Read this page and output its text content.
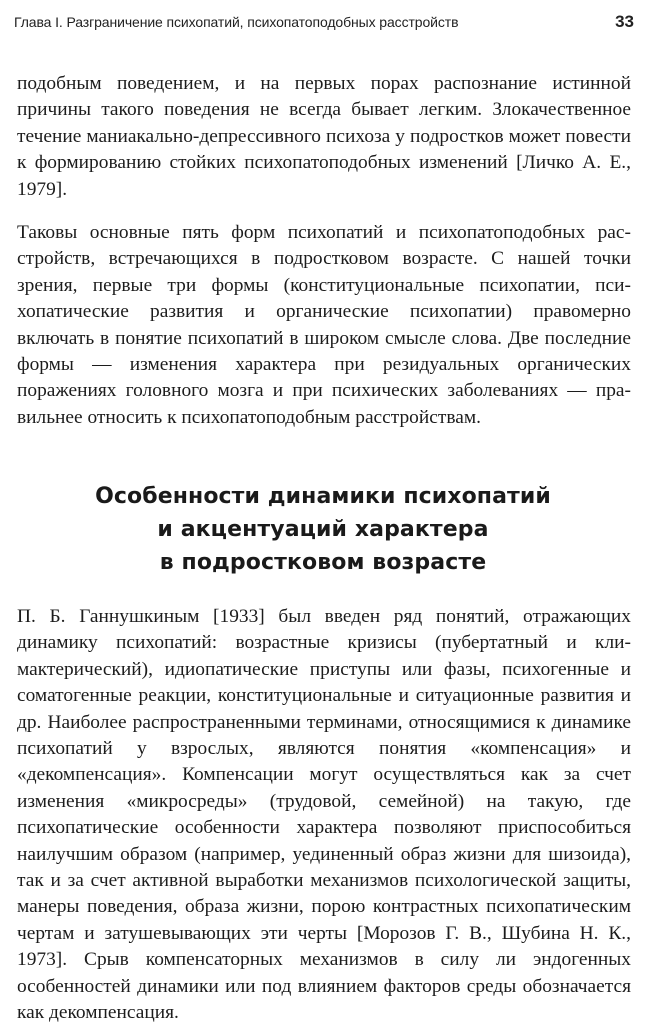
Глава I. Разграничение психопатий, психопатоподобных расстройств	33

подобным поведением, и на первых порах распознание истинной причины такого поведения не всегда бывает легким. Злокачественное течение маниакально-депрессивного психоза у подростков может повести к формированию стойких психопатоподобных изменений [Личко А. Е., 1979].

Таковы основные пять форм психопатий и психопатоподобных расстройств, встречающихся в подростковом возрасте. С нашей точки зрения, первые три формы (конституциональные психопатии, психопатические развития и органические психопатии) правомерно включать в понятие психопатий в широком смысле слова. Две последние формы — изменения характера при резидуальных органических поражениях головного мозга и при психических заболеваниях — правильнее относить к психопатоподобным расстройствам.

Особенности динамики психопатий
и акцентуаций характера
в подростковом возрасте

П. Б. Ганнушкиным [1933] был введен ряд понятий, отражающих динамику психопатий: возрастные кризисы (пубертатный и климактерический), идиопатические приступы или фазы, психогенные и соматогенные реакции, конституциональные и ситуационные развития и др. Наиболее распространенными терминами, относящимися к динамике психопатий у взрослых, являются понятия «компенсация» и «декомпенсация». Компенсации могут осуществляться как за счет изменения «микросреды» (трудовой, семейной) на такую, где психопатические особенности характера позволяют приспособиться наилучшим образом (например, уединенный образ жизни для шизоида), так и за счет активной выработки механизмов психологической защиты, манеры поведения, образа жизни, порою контрастных психопатическим чертам и затушевывающих эти черты [Морозов Г. В., Шубина Н. К., 1973]. Срыв компенсаторных механизмов в силу ли эндогенных особенностей динамики или под влиянием факторов среды обозначается как декомпенсация.
